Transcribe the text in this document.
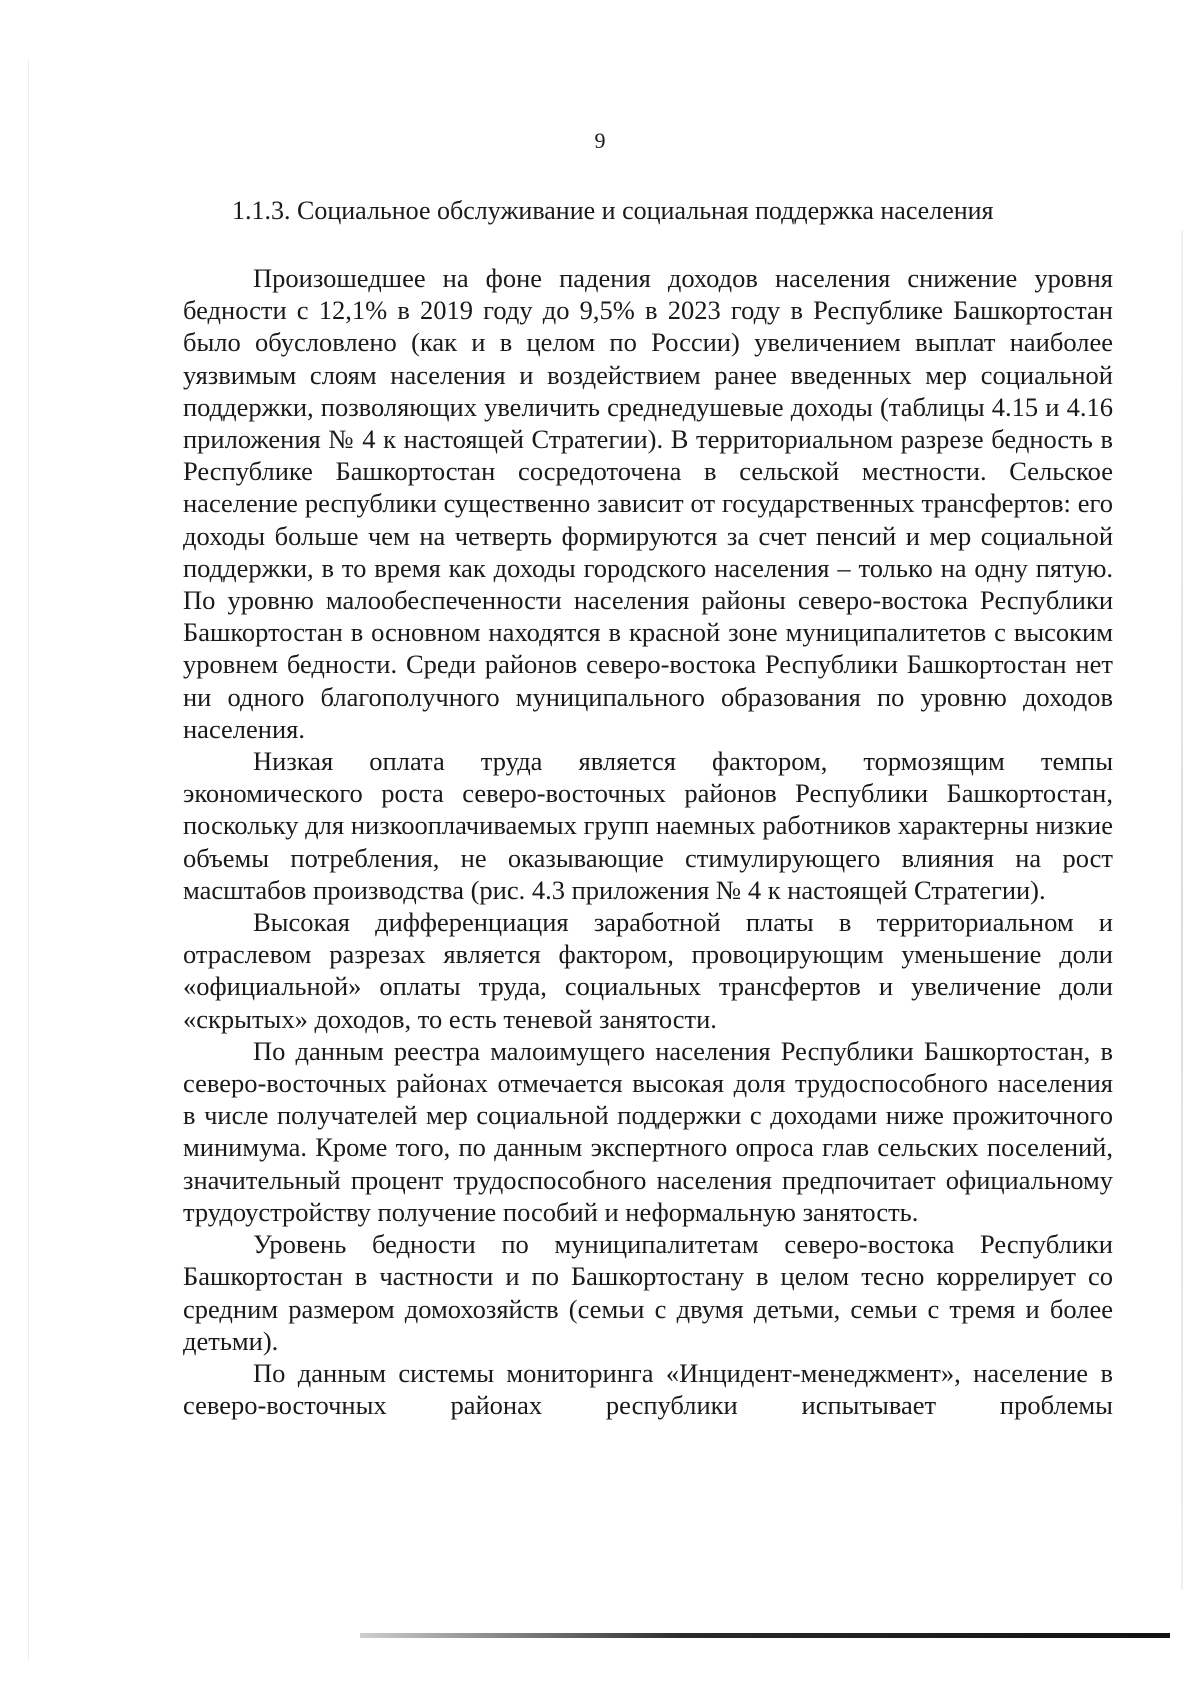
9
1.1.3. Социальное обслуживание и социальная поддержка населения

Произошедшее на фоне падения доходов населения снижение уровня бедности с 12,1% в 2019 году до 9,5% в 2023 году в Республике Башкортостан было обусловлено (как и в целом по России) увеличением выплат наиболее уязвимым слоям населения и воздействием ранее введенных мер социальной поддержки, позволяющих увеличить среднедушевые доходы (таблицы 4.15 и 4.16 приложения № 4 к настоящей Стратегии). В территориальном разрезе бедность в Республике Башкортостан сосредоточена в сельской местности. Сельское население республики существенно зависит от государственных трансфертов: его доходы больше чем на четверть формируются за счет пенсий и мер социальной поддержки, в то время как доходы городского населения – только на одну пятую. По уровню малообеспеченности населения районы северо-востока Республики Башкортостан в основном находятся в красной зоне муниципалитетов с высоким уровнем бедности. Среди районов северо-востока Республики Башкортостан нет ни одного благополучного муниципального образования по уровню доходов населения.

Низкая оплата труда является фактором, тормозящим темпы экономического роста северо-восточных районов Республики Башкортостан, поскольку для низкооплачиваемых групп наемных работников характерны низкие объемы потребления, не оказывающие стимулирующего влияния на рост масштабов производства (рис. 4.3 приложения № 4 к настоящей Стратегии).

Высокая дифференциация заработной платы в территориальном и отраслевом разрезах является фактором, провоцирующим уменьшение доли «официальной» оплаты труда, социальных трансфертов и увеличение доли «скрытых» доходов, то есть теневой занятости.

По данным реестра малоимущего населения Республики Башкортостан, в северо-восточных районах отмечается высокая доля трудоспособного населения в числе получателей мер социальной поддержки с доходами ниже прожиточного минимума. Кроме того, по данным экспертного опроса глав сельских поселений, значительный процент трудоспособного населения предпочитает официальному трудоустройству получение пособий и неформальную занятость.

Уровень бедности по муниципалитетам северо-востока Республики Башкортостан в частности и по Башкортостану в целом тесно коррелирует со средним размером домохозяйств (семьи с двумя детьми, семьи с тремя и более детьми).

По данным системы мониторинга «Инцидент-менеджмент», население в северо-восточных районах республики испытывает проблемы
